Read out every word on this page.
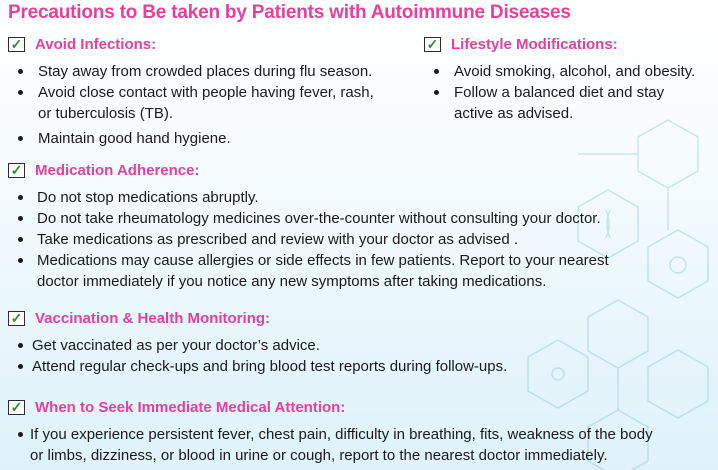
Precautions to Be taken by Patients with Autoimmune Diseases
✓ Avoid Infections:
Stay away from crowded places during flu season.
Avoid close contact with people having fever, rash,
or tuberculosis (TB).
Maintain good hand hygiene.
✓ Lifestyle Modifications:
Avoid smoking, alcohol, and obesity.
Follow a balanced diet and stay
active as advised.
✓ Medication Adherence:
Do not stop medications abruptly.
Do not take rheumatology medicines over-the-counter without consulting your doctor.
Take medications as prescribed and review with your doctor as advised .
Medications may cause allergies or side effects in few patients. Report to your nearest
doctor immediately if you notice any new symptoms after taking medications.
✓ Vaccination & Health Monitoring:
Get vaccinated as per your doctor’s advice.
Attend regular check-ups and bring blood test reports during follow-ups.
✓ When to Seek Immediate Medical Attention:
If you experience persistent fever, chest pain, difficulty in breathing, fits, weakness of the body
or limbs, dizziness, or blood in urine or cough, report to the nearest doctor immediately.
